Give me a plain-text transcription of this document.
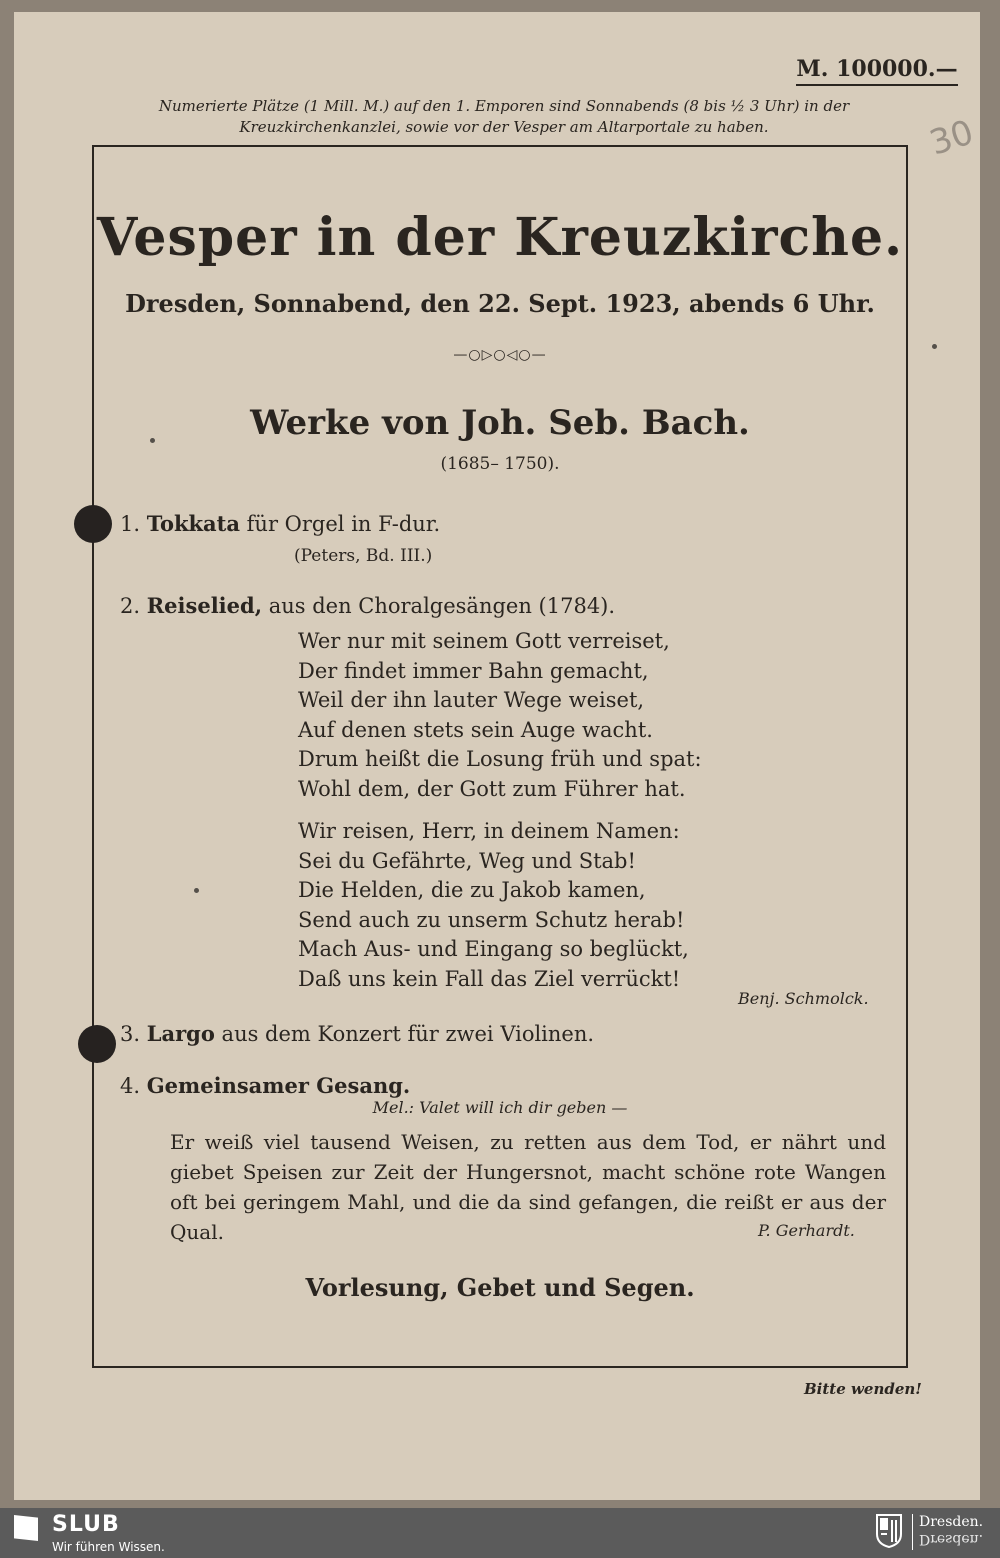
M. 100000.—
Numerierte Plätze (1 Mill. M.) auf den 1. Emporen sind Sonnabends (8 bis ½ 3 Uhr) in der
Kreuzkirchenkanzlei, sowie vor der Vesper am Altarportale zu haben.	30
Vesper in der Kreuzkirche.
Dresden, Sonnabend, den 22. Sept. 1923, abends 6 Uhr.
—○▷○◁○—
Werke von Joh. Seb. Bach.
(1685– 1750).
1. Tokkata für Orgel in F-dur.
(Peters, Bd. III.)
2. Reiselied, aus den Choralgesängen (1784).
Wer nur mit seinem Gott verreiset,
Der findet immer Bahn gemacht,
Weil der ihn lauter Wege weiset,
Auf denen stets sein Auge wacht.
Drum heißt die Losung früh und spat:
Wohl dem, der Gott zum Führer hat.
Wir reisen, Herr, in deinem Namen:
Sei du Gefährte, Weg und Stab!
Die Helden, die zu Jakob kamen,
Send auch zu unserm Schutz herab!
Mach Aus- und Eingang so beglückt,
Daß uns kein Fall das Ziel verrückt!
Benj. Schmolck.
3. Largo aus dem Konzert für zwei Violinen.
4. Gemeinsamer Gesang.
Mel.: Valet will ich dir geben —
Er weiß viel tausend Weisen, zu retten aus dem Tod, er nährt und giebet Speisen zur Zeit der Hungersnot, macht schöne rote Wangen oft bei geringem Mahl, und die da sind gefangen, die reißt er aus der Qual.	P. Gerhardt.
Vorlesung, Gebet und Segen.
Bitte wenden!
SLUB
Wir führen Wissen.
Dresden.
Dresden.
